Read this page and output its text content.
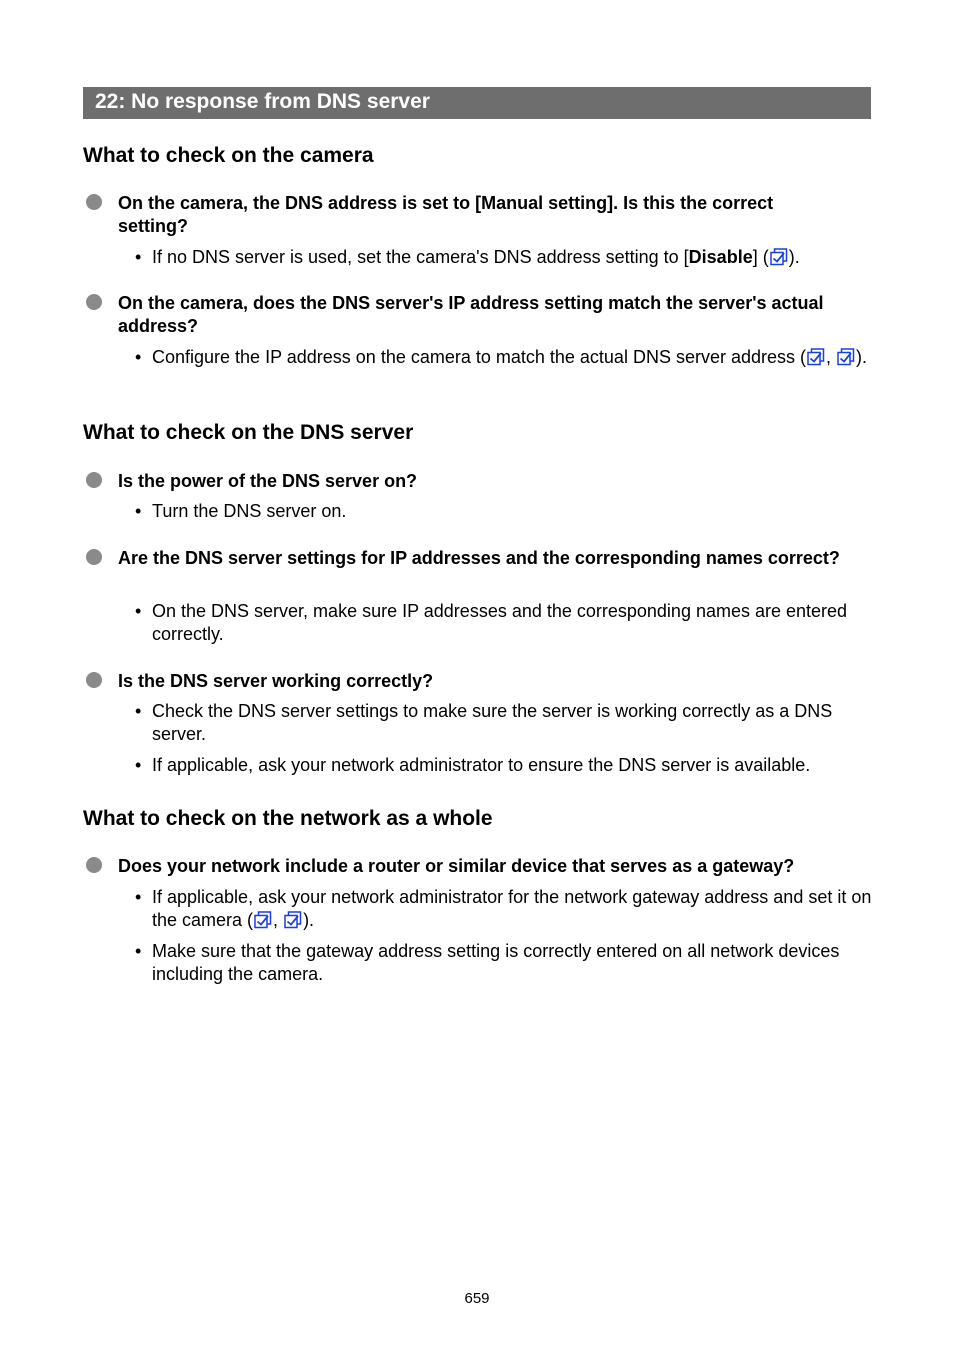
22: No response from DNS server
What to check on the camera
On the camera, the DNS address is set to [Manual setting]. Is this the correct setting?
• If no DNS server is used, set the camera's DNS address setting to [Disable] ( ).
On the camera, does the DNS server's IP address setting match the server's actual address?
• Configure the IP address on the camera to match the actual DNS server address ( , ).
What to check on the DNS server
Is the power of the DNS server on?
• Turn the DNS server on.
Are the DNS server settings for IP addresses and the corresponding names correct?
• On the DNS server, make sure IP addresses and the corresponding names are entered correctly.
Is the DNS server working correctly?
• Check the DNS server settings to make sure the server is working correctly as a DNS server.
• If applicable, ask your network administrator to ensure the DNS server is available.
What to check on the network as a whole
Does your network include a router or similar device that serves as a gateway?
• If applicable, ask your network administrator for the network gateway address and set it on the camera ( , ).
• Make sure that the gateway address setting is correctly entered on all network devices including the camera.
659
